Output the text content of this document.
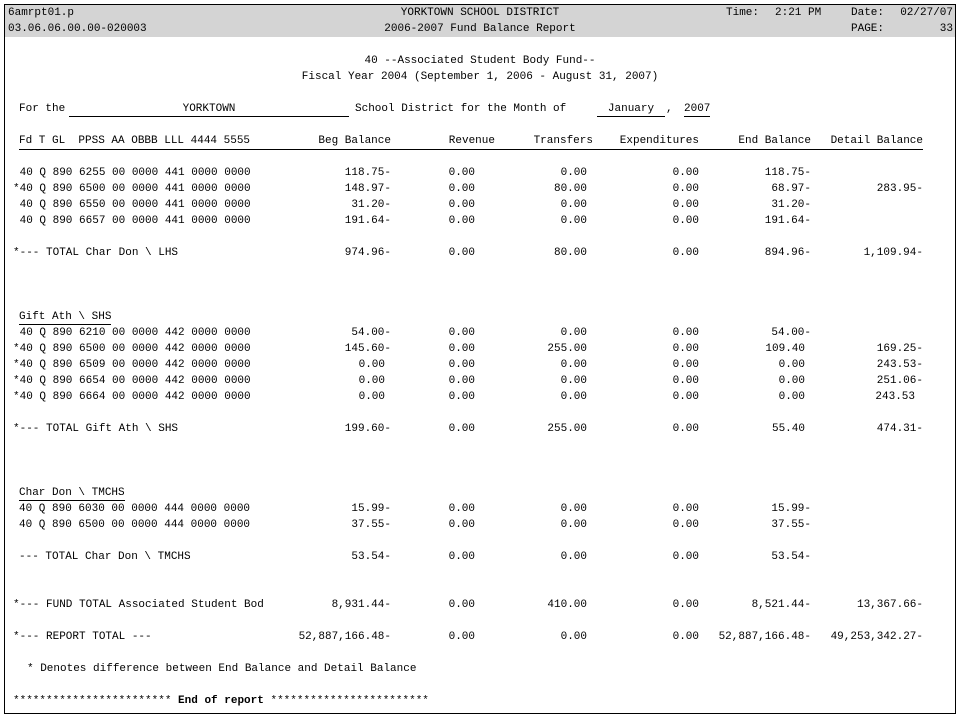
6amrpt01.p
03.06.06.00.00-020003
YORKTOWN SCHOOL DISTRICT
2006-2007 Fund Balance Report
Time: 2:21 PM	Date:	02/27/07
PAGE:	33
40 --Associated Student Body Fund--
Fiscal Year 2004 (September 1, 2006 - August 31, 2007)
For the	YORKTOWN	School District for the Month of	January	, 2007
Fd T GL  PPSS AA OBBB LLL 4444 5555	Beg Balance	Revenue	Transfers	Expenditures	End Balance	Detail Balance
40 Q 890 6255 00 0000 441 0000 0000	118.75-	0.00	0.00	0.00	118.75-
*40 Q 890 6500 00 0000 441 0000 0000	148.97-	0.00	80.00	0.00	68.97-	283.95-
40 Q 890 6550 00 0000 441 0000 0000	31.20-	0.00	0.00	0.00	31.20-
40 Q 890 6657 00 0000 441 0000 0000	191.64-	0.00	0.00	0.00	191.64-
*--- TOTAL Char Don \ LHS	974.96-	0.00	80.00	0.00	894.96-	1,109.94-
Gift Ath \ SHS
40 Q 890 6210 00 0000 442 0000 0000	54.00-	0.00	0.00	0.00	54.00-
*40 Q 890 6500 00 0000 442 0000 0000	145.60-	0.00	255.00	0.00	109.40	169.25-
*40 Q 890 6509 00 0000 442 0000 0000	0.00	0.00	0.00	0.00	0.00	243.53-
*40 Q 890 6654 00 0000 442 0000 0000	0.00	0.00	0.00	0.00	0.00	251.06-
*40 Q 890 6664 00 0000 442 0000 0000	0.00	0.00	0.00	0.00	0.00	243.53
*--- TOTAL Gift Ath \ SHS	199.60-	0.00	255.00	0.00	55.40	474.31-
Char Don \ TMCHS
40 Q 890 6030 00 0000 444 0000 0000	15.99-	0.00	0.00	0.00	15.99-
40 Q 890 6500 00 0000 444 0000 0000	37.55-	0.00	0.00	0.00	37.55-
--- TOTAL Char Don \ TMCHS	53.54-	0.00	0.00	0.00	53.54-
*--- FUND TOTAL Associated Student Bod	8,931.44-	0.00	410.00	0.00	8,521.44-	13,367.66-
*--- REPORT TOTAL ---	52,887,166.48-	0.00	0.00	0.00	52,887,166.48-	49,253,342.27-
* Denotes difference between End Balance and Detail Balance
************************ End of report ************************
